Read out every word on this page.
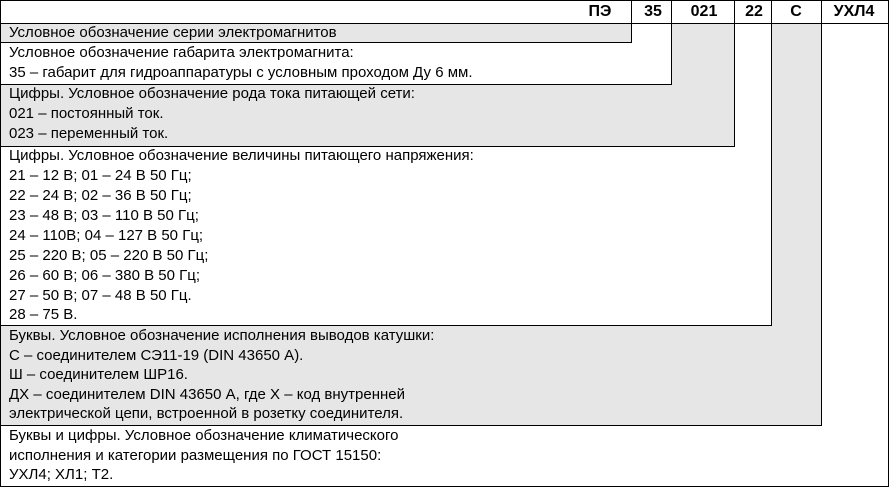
ПЭ	35	021	22	С	УХЛ4
Условное обозначение серии электромагнитов
Условное обозначение габарита электромагнита:
35 – габарит для гидроаппаратуры с условным проходом Ду 6 мм.
Цифры. Условное обозначение рода тока питающей сети:
021 – постоянный ток.
023 – переменный ток.
Цифры. Условное обозначение величины питающего напряжения:
21 – 12 В; 01 – 24 В 50 Гц;
22 – 24 В; 02 – 36 В 50 Гц;
23 – 48 В; 03 – 110 В 50 Гц;
24 – 110В; 04 – 127 В 50 Гц;
25 – 220 В; 05 – 220 В 50 Гц;
26 – 60 В; 06 – 380 В 50 Гц;
27 – 50 В; 07 – 48 В 50 Гц.
28 – 75 В.
Буквы. Условное обозначение исполнения выводов катушки:
С – соединителем СЭ11-19 (DIN 43650 А).
Ш – соединителем ШР16.
ДХ – соединителем DIN 43650 А, где Х – код внутренней
электрической цепи, встроенной в розетку соединителя.
Буквы и цифры. Условное обозначение климатического
исполнения и категории размещения по ГОСТ 15150:
УХЛ4; ХЛ1; Т2.
